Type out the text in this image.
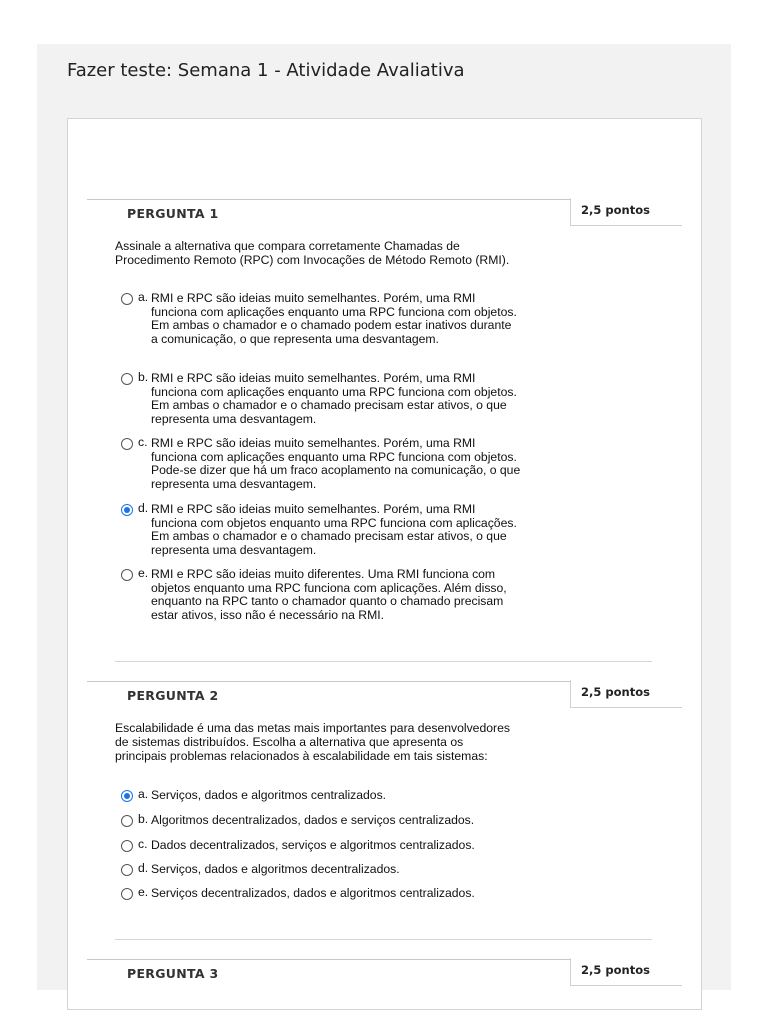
Fazer teste: Semana 1 - Atividade Avaliativa
PERGUNTA 1	2,5 pontos
Assinale a alternativa que compara corretamente Chamadas de Procedimento Remoto (RPC) com Invocações de Método Remoto (RMI).
a. RMI e RPC são ideias muito semelhantes. Porém, uma RMI funciona com aplicações enquanto uma RPC funciona com objetos. Em ambas o chamador e o chamado podem estar inativos durante a comunicação, o que representa uma desvantagem.
b. RMI e RPC são ideias muito semelhantes. Porém, uma RMI funciona com aplicações enquanto uma RPC funciona com objetos. Em ambas o chamador e o chamado precisam estar ativos, o que representa uma desvantagem.
c. RMI e RPC são ideias muito semelhantes. Porém, uma RMI funciona com aplicações enquanto uma RPC funciona com objetos. Pode-se dizer que há um fraco acoplamento na comunicação, o que representa uma desvantagem.
d. RMI e RPC são ideias muito semelhantes. Porém, uma RMI funciona com objetos enquanto uma RPC funciona com aplicações. Em ambas o chamador e o chamado precisam estar ativos, o que representa uma desvantagem.
e. RMI e RPC são ideias muito diferentes. Uma RMI funciona com objetos enquanto uma RPC funciona com aplicações. Além disso, enquanto na RPC tanto o chamador quanto o chamado precisam estar ativos, isso não é necessário na RMI.
PERGUNTA 2	2,5 pontos
Escalabilidade é uma das metas mais importantes para desenvolvedores de sistemas distribuídos. Escolha a alternativa que apresenta os principais problemas relacionados à escalabilidade em tais sistemas:
a. Serviços, dados e algoritmos centralizados.
b. Algoritmos decentralizados, dados e serviços centralizados.
c. Dados decentralizados, serviços e algoritmos centralizados.
d. Serviços, dados e algoritmos decentralizados.
e. Serviços decentralizados, dados e algoritmos centralizados.
PERGUNTA 3	2,5 pontos
